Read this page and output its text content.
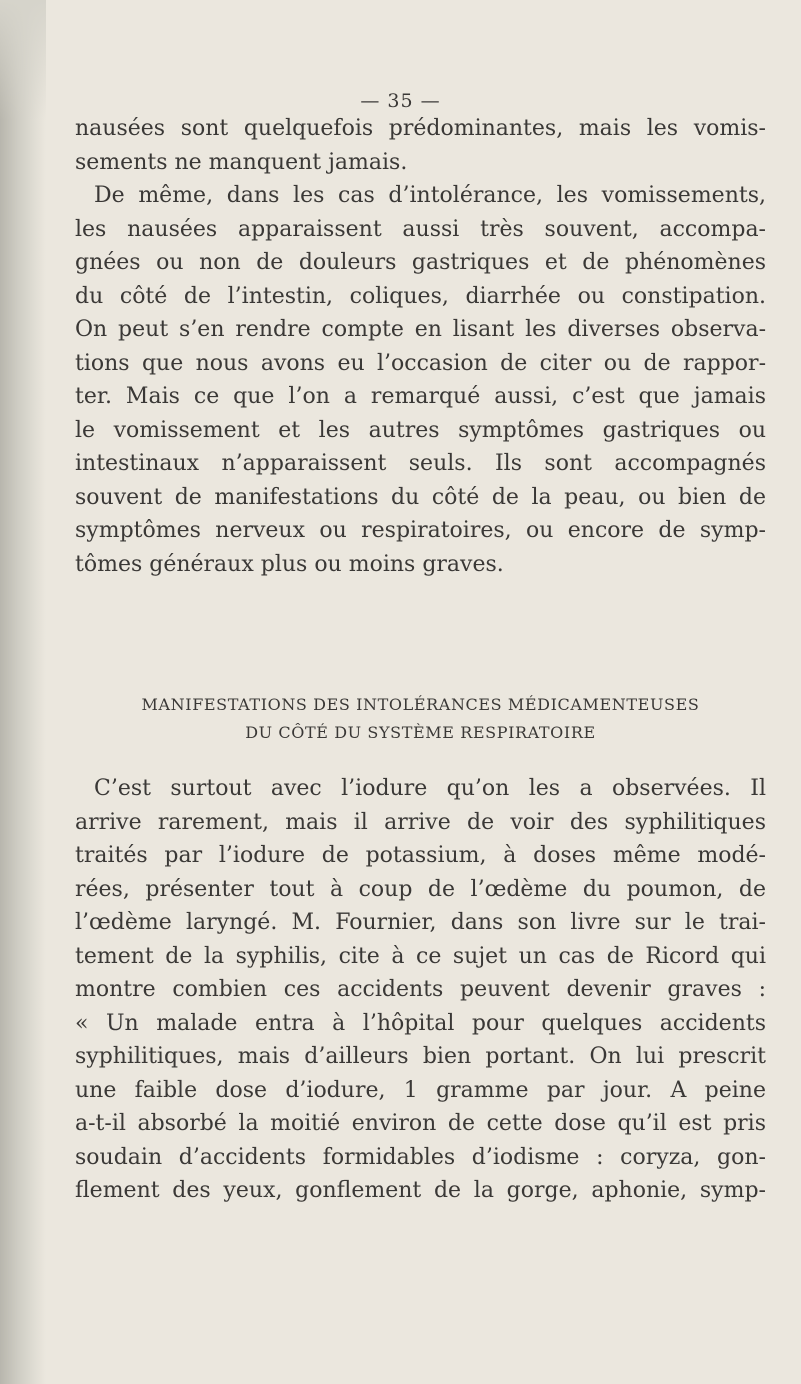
— 35 —
nausées sont quelquefois prédominantes, mais les vomis-
sements ne manquent jamais.
De même, dans les cas d’intolérance, les vomissements,
les nausées apparaissent aussi très souvent, accompa-
gnées ou non de douleurs gastriques et de phénomènes
du côté de l’intestin, coliques, diarrhée ou constipation.
On peut s’en rendre compte en lisant les diverses observa-
tions que nous avons eu l’occasion de citer ou de rappor-
ter. Mais ce que l’on a remarqué aussi, c’est que jamais
le vomissement et les autres symptômes gastriques ou
intestinaux n’apparaissent seuls. Ils sont accompagnés
souvent de manifestations du côté de la peau, ou bien de
symptômes nerveux ou respiratoires, ou encore de symp-
tômes généraux plus ou moins graves.
MANIFESTATIONS DES INTOLÉRANCES MÉDICAMENTEUSES
DU CÔTÉ DU SYSTÈME RESPIRATOIRE
C’est surtout avec l’iodure qu’on les a observées. Il
arrive rarement, mais il arrive de voir des syphilitiques
traités par l’iodure de potassium, à doses même modé-
rées, présenter tout à coup de l’œdème du poumon, de
l’œdème laryngé. M. Fournier, dans son livre sur le trai-
tement de la syphilis, cite à ce sujet un cas de Ricord qui
montre combien ces accidents peuvent devenir graves :
« Un malade entra à l’hôpital pour quelques accidents
syphilitiques, mais d’ailleurs bien portant. On lui prescrit
une faible dose d’iodure, 1 gramme par jour. A peine
a-t-il absorbé la moitié environ de cette dose qu’il est pris
soudain d’accidents formidables d’iodisme : coryza, gon-
flement des yeux, gonflement de la gorge, aphonie, symp-
